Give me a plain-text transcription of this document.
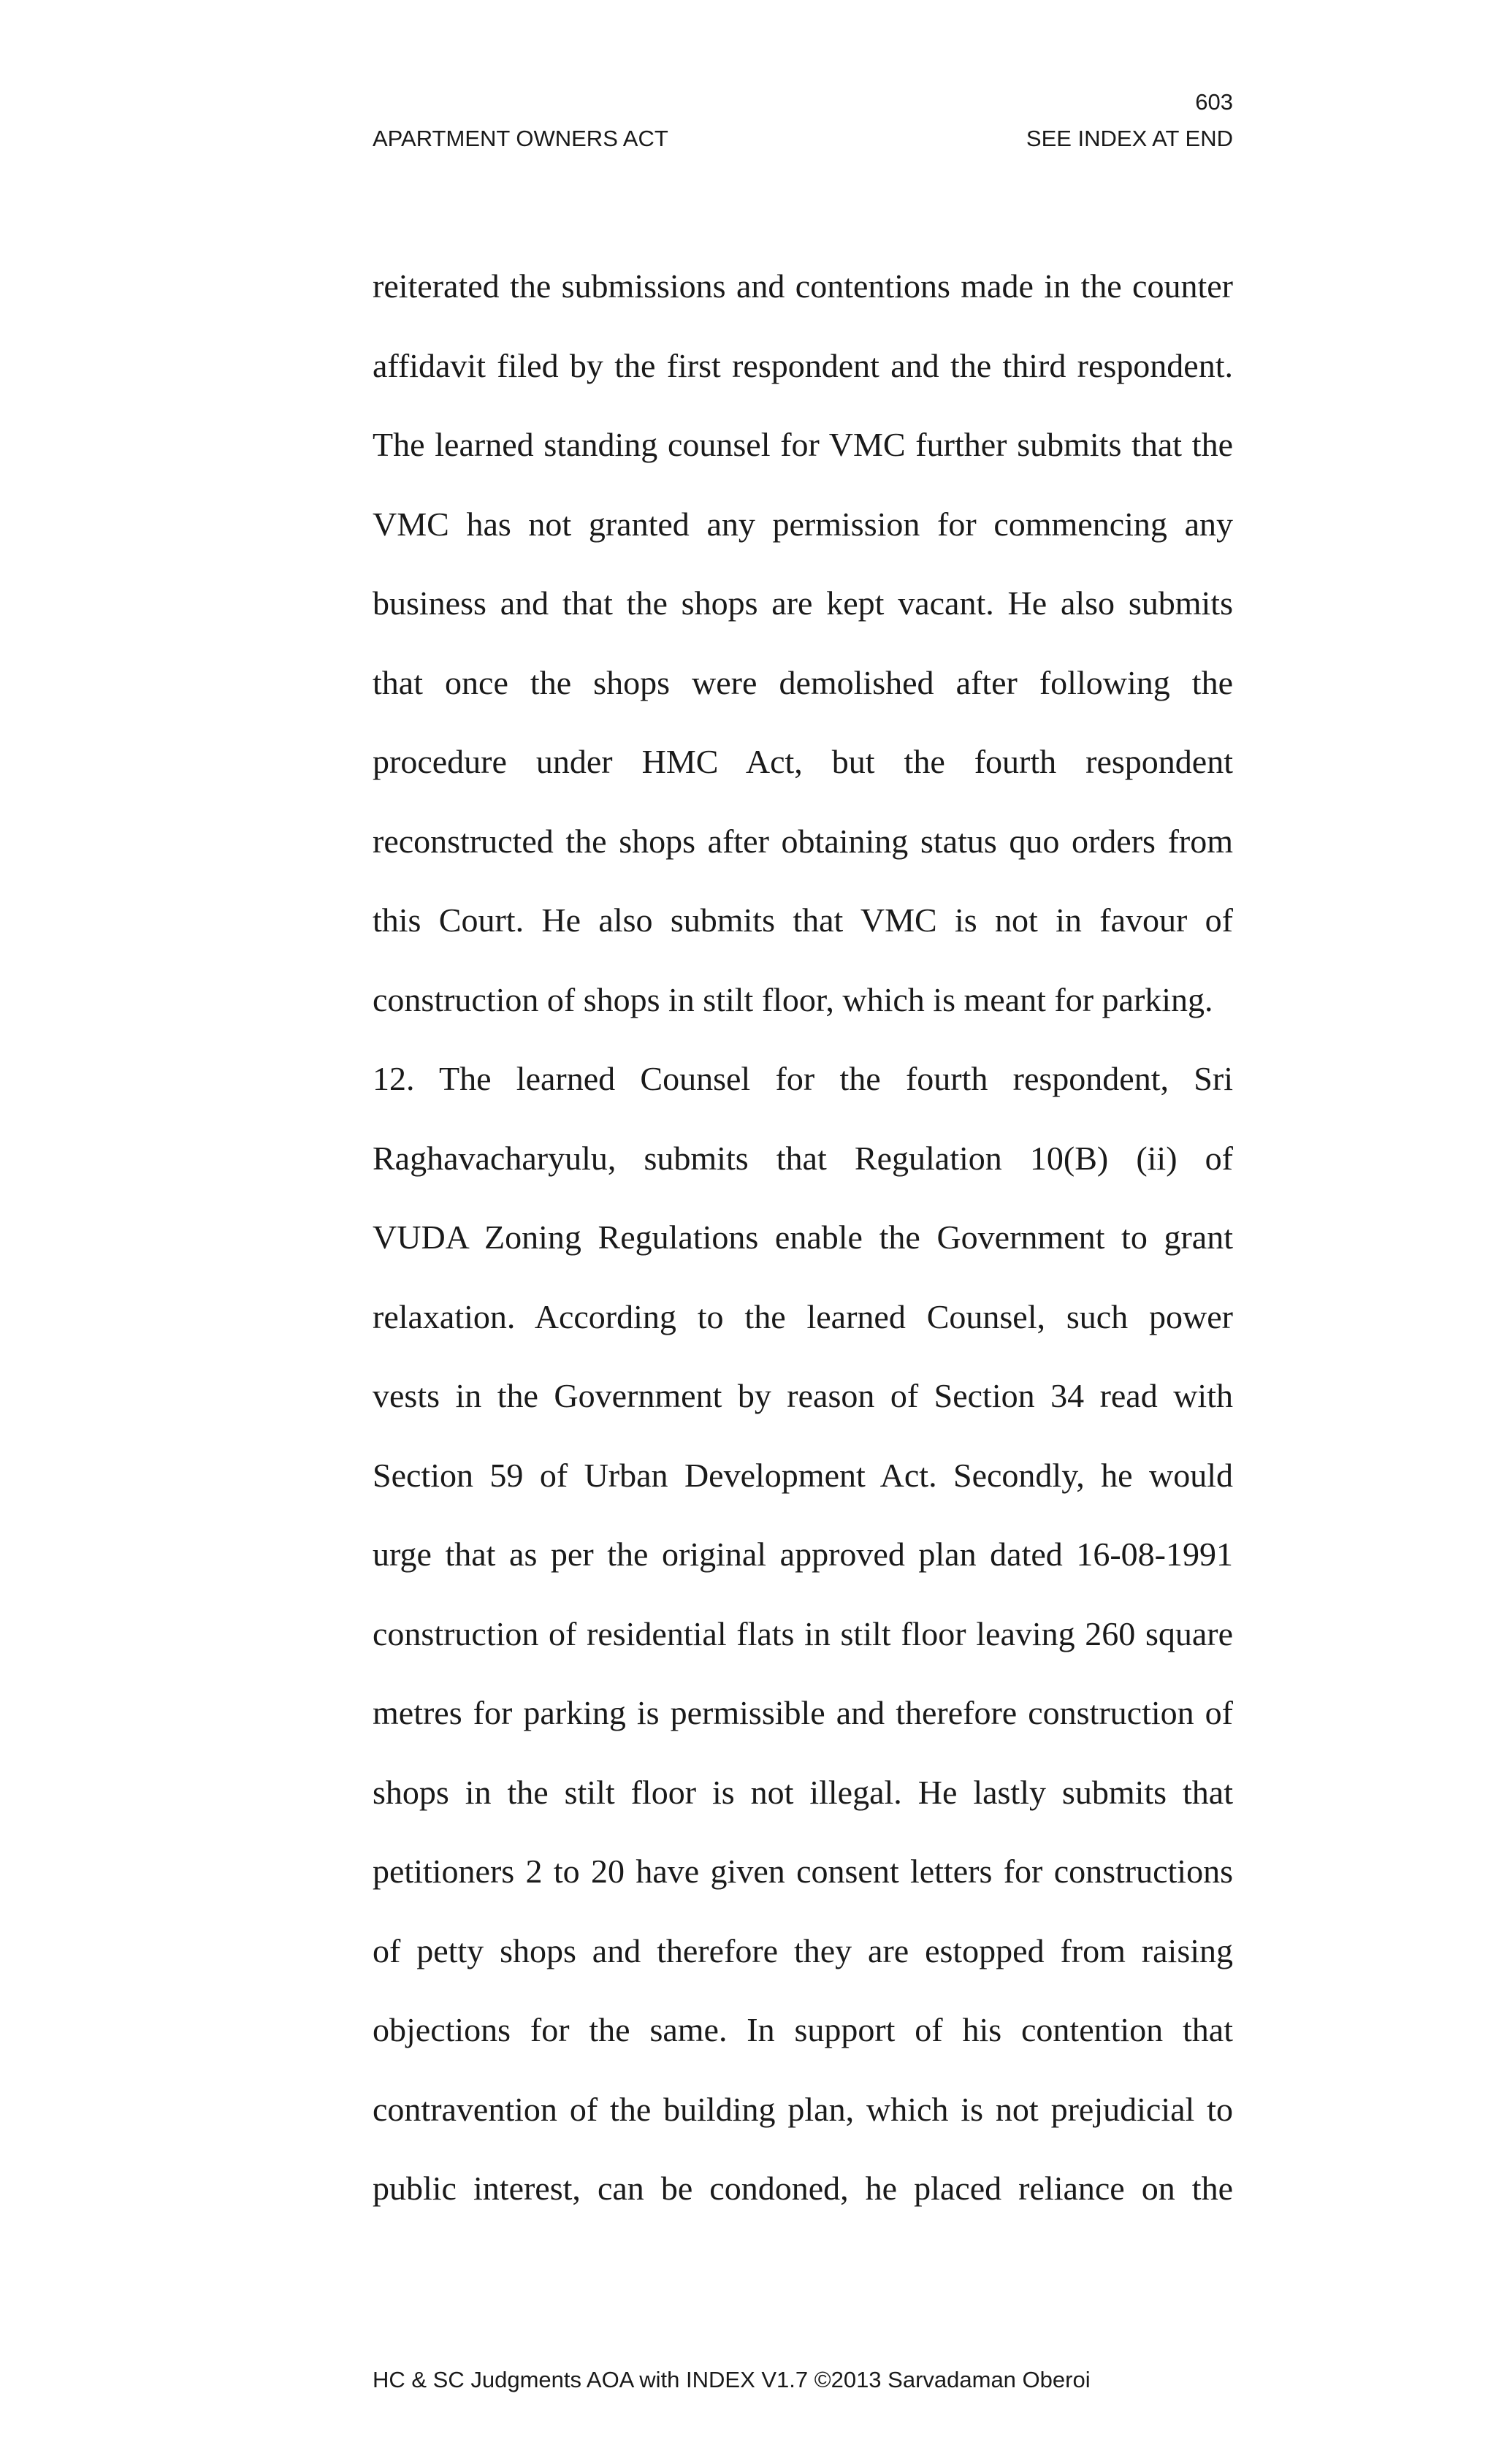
603
APARTMENT OWNERS ACT	SEE INDEX AT END
reiterated the submissions and contentions made in the counter
affidavit filed by the first respondent and the third respondent.
The learned standing counsel for VMC further submits that the
VMC has not granted any permission for commencing any
business and that the shops are kept vacant. He also submits
that once the shops were demolished after following the
procedure under HMC Act, but the fourth respondent
reconstructed the shops after obtaining status quo orders from
this Court. He also submits that VMC is not in favour of
construction of shops in stilt floor, which is meant for parking.
12. The learned Counsel for the fourth respondent, Sri
Raghavacharyulu, submits that Regulation 10(B) (ii) of
VUDA Zoning Regulations enable the Government to grant
relaxation. According to the learned Counsel, such power
vests in the Government by reason of Section 34 read with
Section 59 of Urban Development Act. Secondly, he would
urge that as per the original approved plan dated 16-08-1991
construction of residential flats in stilt floor leaving 260 square
metres for parking is permissible and therefore construction of
shops in the stilt floor is not illegal. He lastly submits that
petitioners 2 to 20 have given consent letters for constructions
of petty shops and therefore they are estopped from raising
objections for the same. In support of his contention that
contravention of the building plan, which is not prejudicial to
public interest, can be condoned, he placed reliance on the
HC & SC Judgments AOA with INDEX V1.7 ©2013 Sarvadaman Oberoi
